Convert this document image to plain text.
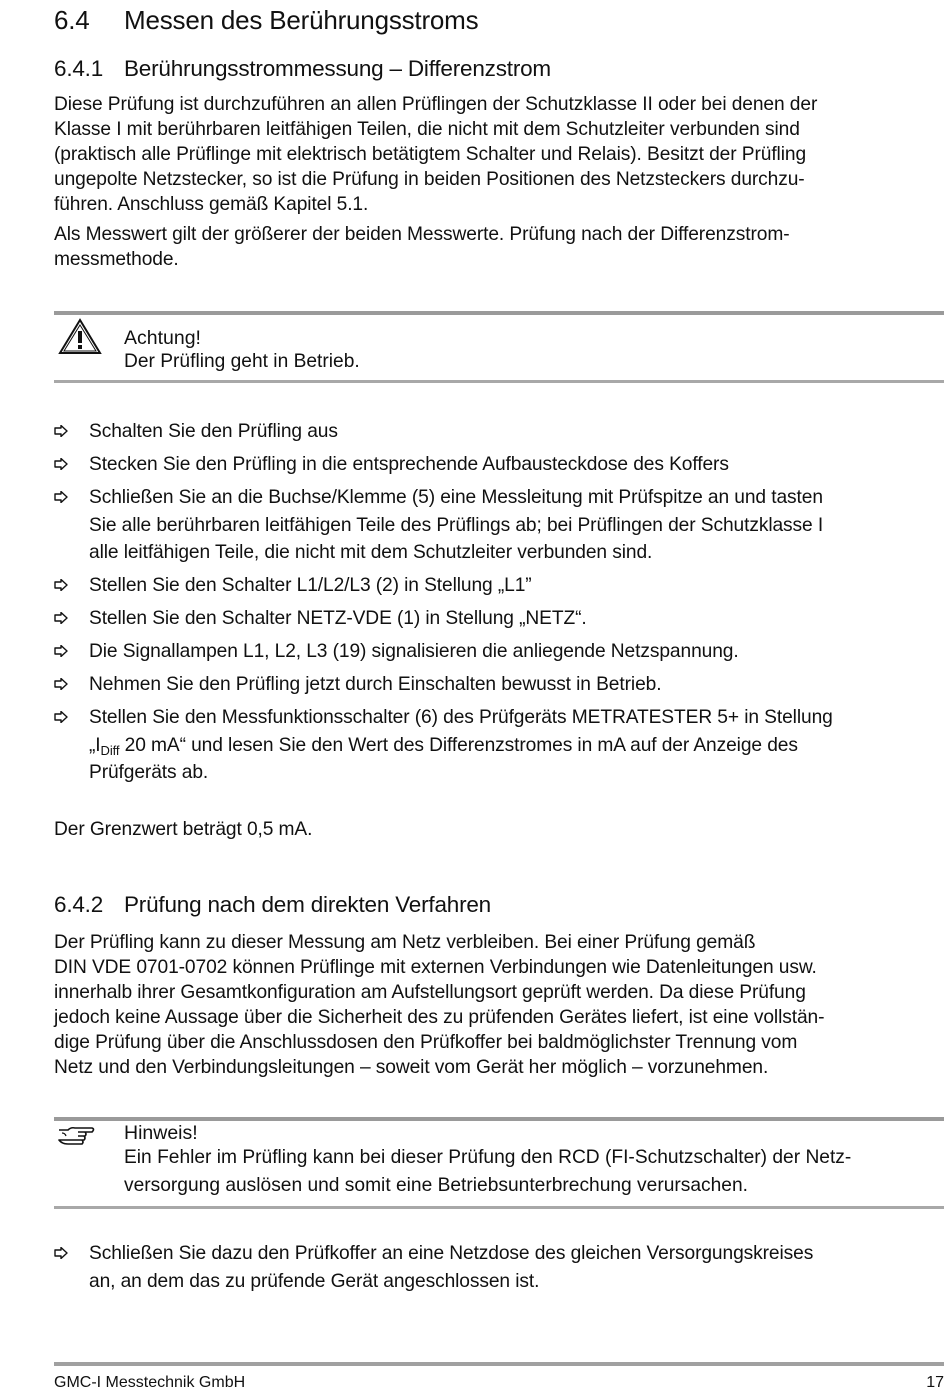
6.4 Messen des Berührungsstroms
6.4.1 Berührungsstrommessung – Differenzstrom

Diese Prüfung ist durchzuführen an allen Prüflingen der Schutzklasse II oder bei denen der
Klasse I mit berührbaren leitfähigen Teilen, die nicht mit dem Schutzleiter verbunden sind
(praktisch alle Prüflinge mit elektrisch betätigtem Schalter und Relais). Besitzt der Prüfling
ungepolte Netzstecker, so ist die Prüfung in beiden Positionen des Netzsteckers durchzu-
führen. Anschluss gemäß Kapitel 5.1.

Als Messwert gilt der größerer der beiden Messwerte. Prüfung nach der Differenzstrom-
messmethode.

Achtung!

Der Prüfling geht in Betrieb.

Schalten Sie den Prüfling aus
Stecken Sie den Prüfling in die entsprechende Aufbausteckdose des Koffers
Schließen Sie an die Buchse/Klemme (5) eine Messleitung mit Prüfspitze an und tasten
Sie alle berührbaren leitfähigen Teile des Prüflings ab; bei Prüflingen der Schutzklasse I
alle leitfähigen Teile, die nicht mit dem Schutzleiter verbunden sind.
Stellen Sie den Schalter L1/L2/L3 (2) in Stellung „L1”
Stellen Sie den Schalter NETZ-VDE (1) in Stellung „NETZ“.
Die Signallampen L1, L2, L3 (19) signalisieren die anliegende Netzspannung.
Nehmen Sie den Prüfling jetzt durch Einschalten bewusst in Betrieb.
Stellen Sie den Messfunktionsschalter (6) des Prüfgeräts METRATESTER 5+ in Stellung
$„I_{Diff}$ 20 mA“ und lesen Sie den Wert des Differenzstromes in mA auf der Anzeige des
Prüfgeräts ab.

Der Grenzwert beträgt 0,5 mA.

6.4.2 Prüfung nach dem direkten Verfahren

Der Prüfling kann zu dieser Messung am Netz verbleiben. Bei einer Prüfung gemäß
DIN VDE 0701-0702 können Prüflinge mit externen Verbindungen wie Datenleitungen usw.
innerhalb ihrer Gesamtkonfiguration am Aufstellungsort geprüft werden. Da diese Prüfung
jedoch keine Aussage über die Sicherheit des zu prüfenden Gerätes liefert, ist eine vollstän-
dige Prüfung über die Anschlussdosen den Prüfkoffer bei baldmöglichster Trennung vom
Netz und den Verbindungsleitungen – soweit vom Gerät her möglich – vorzunehmen.

Hinweis!

Ein Fehler im Prüfling kann bei dieser Prüfung den RCD (FI-Schutzschalter) der Netz-
versorgung auslösen und somit eine Betriebsunterbrechung verursachen.

Schließen Sie dazu den Prüfkoffer an eine Netzdose des gleichen Versorgungskreises
an, an dem das zu prüfende Gerät angeschlossen ist.
GMC-I Messtechnik GmbH	17
